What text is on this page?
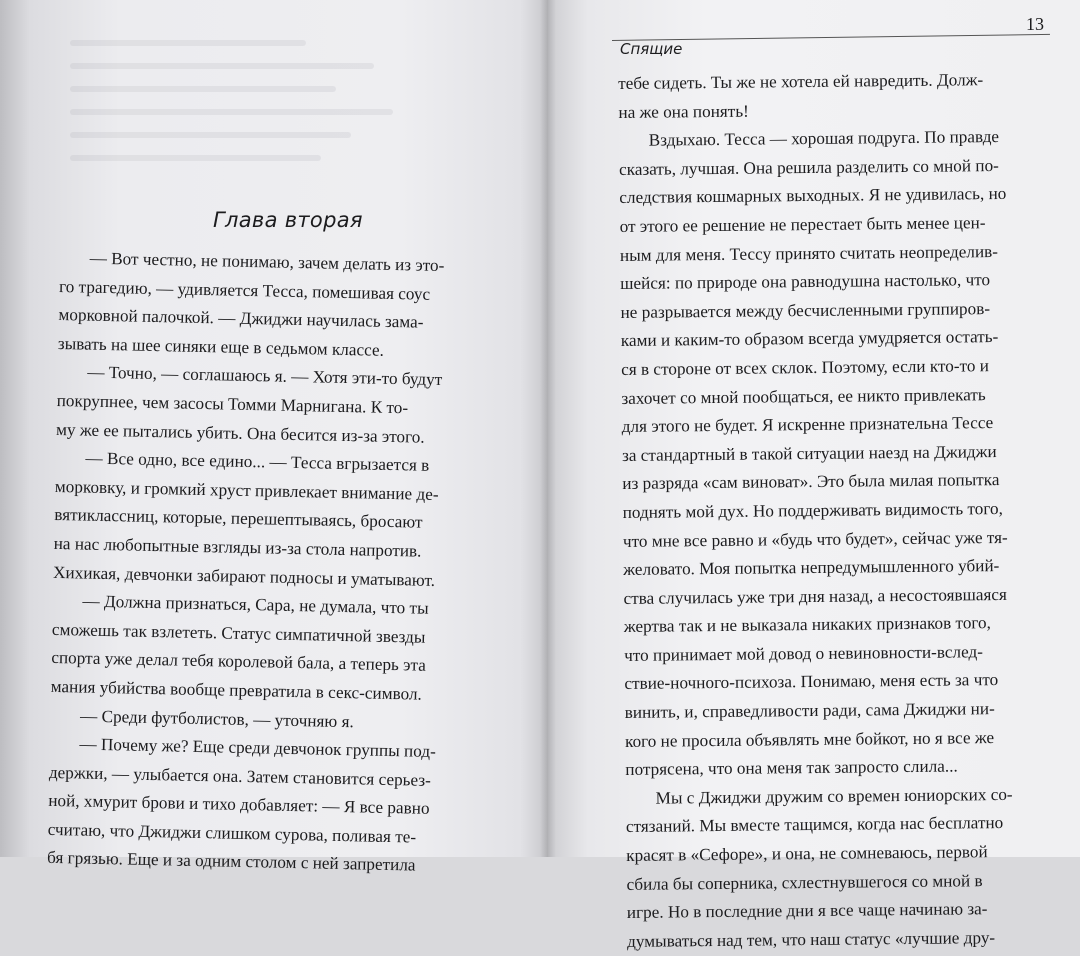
Глава вторая

— Вот честно, не понимаю, зачем делать из это-

го трагедию, — удивляется Тесса, помешивая соус

морковной палочкой. — Джиджи научилась зама-

зывать на шее синяки еще в седьмом классе.

— Точно, — соглашаюсь я. — Хотя эти-то будут

покрупнее, чем засосы Томми Марнигана. К то-

му же ее пытались убить. Она бесится из-за этого.

— Все одно, все едино... — Тесса вгрызается в

морковку, и громкий хруст привлекает внимание де-

вятиклассниц, которые, перешептываясь, бросают

на нас любопытные взгляды из-за стола напротив.

Хихикая, девчонки забирают подносы и уматывают.

— Должна признаться, Сара, не думала, что ты

сможешь так взлететь. Статус симпатичной звезды

спорта уже делал тебя королевой бала, а теперь эта

мания убийства вообще превратила в секс-символ.

— Среди футболистов, — уточняю я.

— Почему же? Еще среди девчонок группы под-

держки, — улыбается она. Затем становится серьез-

ной, хмурит брови и тихо добавляет: — Я все равно

считаю, что Джиджи слишком сурова, поливая те-

бя грязью. Еще и за одним столом с ней запретила

13
Спящие

тебе сидеть. Ты же не хотела ей навредить. Долж-

на же она понять!

Вздыхаю. Тесса — хорошая подруга. По правде

сказать, лучшая. Она решила разделить со мной по-

следствия кошмарных выходных. Я не удивилась, но

от этого ее решение не перестает быть менее цен-

ным для меня. Тессу принято считать неопределив-

шейся: по природе она равнодушна настолько, что

не разрывается между бесчисленными группиров-

ками и каким-то образом всегда умудряется остать-

ся в стороне от всех склок. Поэтому, если кто-то и

захочет со мной пообщаться, ее никто привлекать

для этого не будет. Я искренне признательна Тессе

за стандартный в такой ситуации наезд на Джиджи

из разряда «сам виноват». Это была милая попытка

поднять мой дух. Но поддерживать видимость того,

что мне все равно и «будь что будет», сейчас уже тя-

желовато. Моя попытка непредумышленного убий-

ства случилась уже три дня назад, а несостоявшаяся

жертва так и не выказала никаких признаков того,

что принимает мой довод о невиновности-вслед-

ствие-ночного-психоза. Понимаю, меня есть за что

винить, и, справедливости ради, сама Джиджи ни-

кого не просила объявлять мне бойкот, но я все же

потрясена, что она меня так запросто слила...

Мы с Джиджи дружим со времен юниорских со-

стязаний. Мы вместе тащимся, когда нас бесплатно

красят в «Сефоре», и она, не сомневаюсь, первой

сбила бы соперника, схлестнувшегося со мной в

игре. Но в последние дни я все чаще начинаю за-

думываться над тем, что наш статус «лучшие дру-
